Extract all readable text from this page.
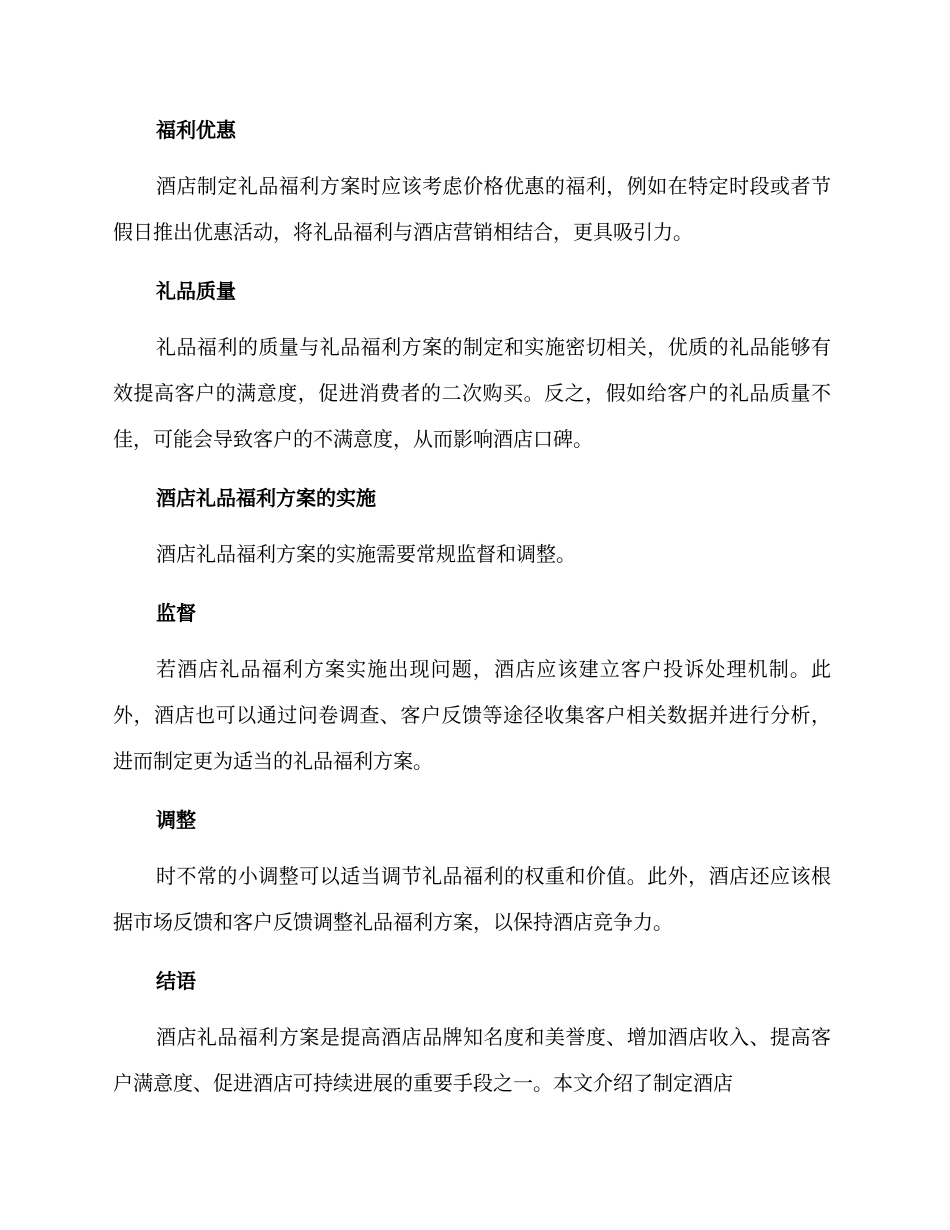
福利优惠

酒店制定礼品福利方案时应该考虑价格优惠的福利，例如在特定时段或者节假日推出优惠活动，将礼品福利与酒店营销相结合，更具吸引力。

礼品质量

礼品福利的质量与礼品福利方案的制定和实施密切相关，优质的礼品能够有效提高客户的满意度，促进消费者的二次购买。反之，假如给客户的礼品质量不佳，可能会导致客户的不满意度，从而影响酒店口碑。

酒店礼品福利方案的实施

酒店礼品福利方案的实施需要常规监督和调整。

监督

若酒店礼品福利方案实施出现问题，酒店应该建立客户投诉处理机制。此外，酒店也可以通过问卷调查、客户反馈等途径收集客户相关数据并进行分析，进而制定更为适当的礼品福利方案。

调整

时不常的小调整可以适当调节礼品福利的权重和价值。此外，酒店还应该根据市场反馈和客户反馈调整礼品福利方案，以保持酒店竞争力。

结语

酒店礼品福利方案是提高酒店品牌知名度和美誉度、增加酒店收入、提高客户满意度、促进酒店可持续进展的重要手段之一。本文介绍了制定酒店
